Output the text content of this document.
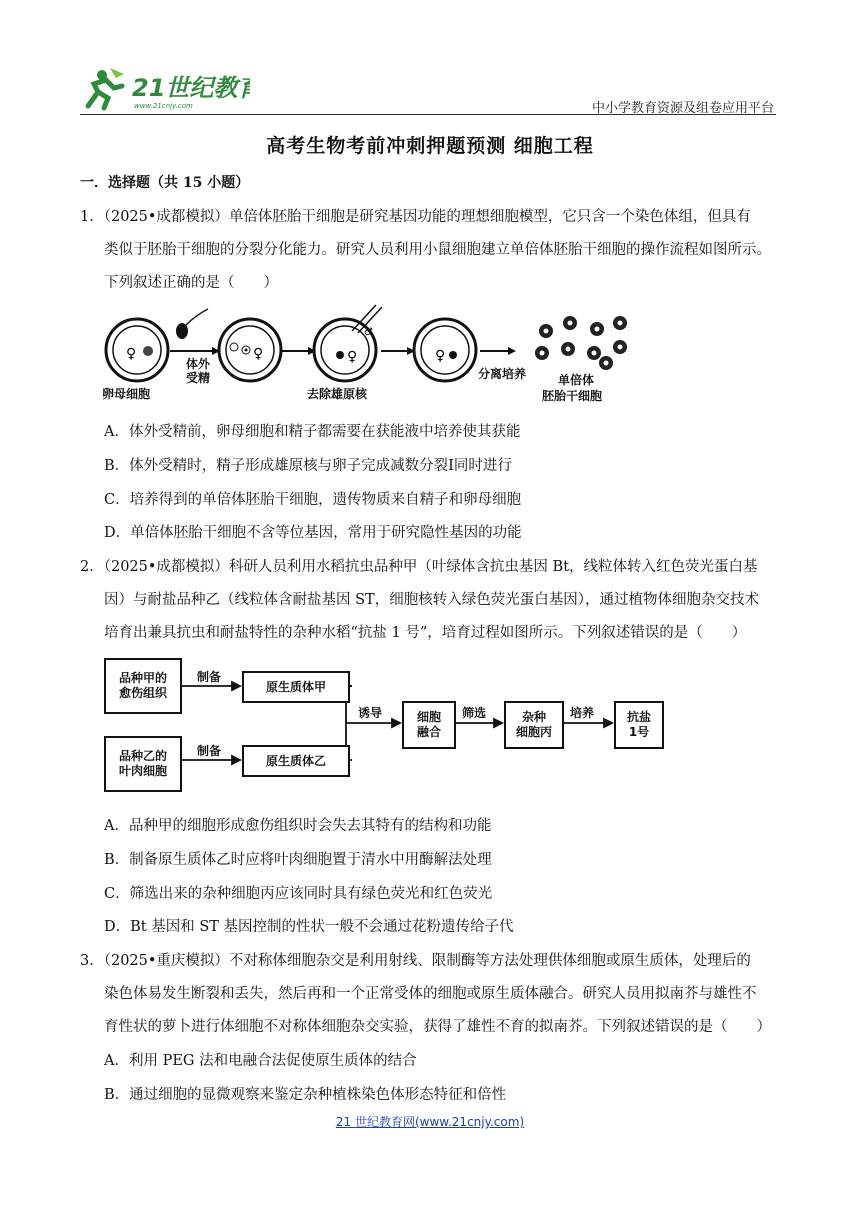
21世纪教育
www.21cnjy.com	中小学教育资源及组卷应用平台
高考生物考前冲刺押题预测 细胞工程
一．选择题（共 15 小题）
1．（2025•成都模拟）单倍体胚胎干细胞是研究基因功能的理想细胞模型，它只含一个染色体组，但具有
类似于胚胎干细胞的分裂分化能力。研究人员利用小鼠细胞建立单倍体胚胎干细胞的操作流程如图所示。
下列叙述正确的是（　　）
♀	♀	♀
♂
♀
卵母细胞
体外
受精
去除雄原核
分离培养	单倍体
胚胎干细胞
A．体外受精前，卵母细胞和精子都需要在获能液中培养使其获能
B．体外受精时，精子形成雄原核与卵子完成减数分裂Ⅰ同时进行
C．培养得到的单倍体胚胎干细胞，遗传物质来自精子和卵母细胞
D．单倍体胚胎干细胞不含等位基因，常用于研究隐性基因的功能
2．（2025•成都模拟）科研人员利用水稻抗虫品种甲（叶绿体含抗虫基因 Bt，线粒体转入红色荧光蛋白基
因）与耐盐品种乙（线粒体含耐盐基因 ST，细胞核转入绿色荧光蛋白基因），通过植物体细胞杂交技术
培育出兼具抗虫和耐盐特性的杂种水稻“抗盐 1 号”，培育过程如图所示。下列叙述错误的是（　　）
品种甲的
愈伤组织
品种乙的
叶肉细胞
原生质体甲
原生质体乙
细胞
融合
杂种
细胞丙
抗盐
1号
制备
制备
诱导	筛选	培养
A．品种甲的细胞形成愈伤组织时会失去其特有的结构和功能
B．制备原生质体乙时应将叶肉细胞置于清水中用酶解法处理
C．筛选出来的杂种细胞丙应该同时具有绿色荧光和红色荧光
D．Bt 基因和 ST 基因控制的性状一般不会通过花粉遗传给子代
3．（2025•重庆模拟）不对称体细胞杂交是利用射线、限制酶等方法处理供体细胞或原生质体，处理后的
染色体易发生断裂和丢失，然后再和一个正常受体的细胞或原生质体融合。研究人员用拟南芥与雄性不
育性状的萝卜进行体细胞不对称体细胞杂交实验，获得了雄性不育的拟南芥。下列叙述错误的是（　　）
A．利用 PEG 法和电融合法促使原生质体的结合
B．通过细胞的显微观察来鉴定杂种植株染色体形态特征和倍性
21 世纪教育网(www.21cnjy.com)
